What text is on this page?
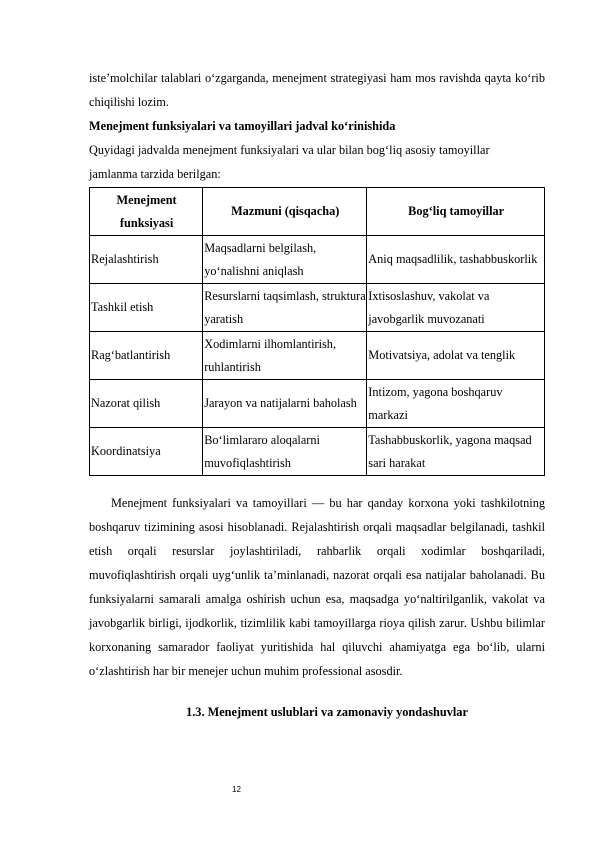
iste’molchilar talablari o‘zgarganda, menejment strategiyasi ham mos ravishda qayta ko‘rib chiqilishi lozim.

Menejment funksiyalari va tamoyillari jadval ko‘rinishida

Quyidagi jadvalda menejment funksiyalari va ular bilan bog‘liq asosiy tamoyillar jamlanma tarzida berilgan:

Menejment funksiyasi	Mazmuni (qisqacha)	Bog‘liq tamoyillar
Rejalashtirish	Maqsadlarni belgilash, yo‘nalishni aniqlash	Aniq maqsadlilik, tashabbuskorlik
Tashkil etish	Resurslarni taqsimlash, struktura yaratish	Ixtisoslashuv, vakolat va javobgarlik muvozanati
Rag‘batlantirish	Xodimlarni ilhomlantirish, ruhlantirish	Motivatsiya, adolat va tenglik
Nazorat qilish	Jarayon va natijalarni baholash	Intizom, yagona boshqaruv markazi
Koordinatsiya	Bo‘limlararo aloqalarni muvofiqlashtirish	Tashabbuskorlik, yagona maqsad sari harakat

Menejment funksiyalari va tamoyillari — bu har qanday korxona yoki tashkilotning boshqaruv tizimining asosi hisoblanadi. Rejalashtirish orqali maqsadlar belgilanadi, tashkil etish orqali resurslar joylashtiriladi, rahbarlik orqali xodimlar boshqariladi, muvofiqlashtirish orqali uyg‘unlik ta’minlanadi, nazorat orqali esa natijalar baholanadi. Bu funksiyalarni samarali amalga oshirish uchun esa, maqsadga yo‘naltirilganlik, vakolat va javobgarlik birligi, ijodkorlik, tizimlilik kabi tamoyillarga rioya qilish zarur. Ushbu bilimlar korxonaning samarador faoliyat yuritishida hal qiluvchi ahamiyatga ega bo‘lib, ularni o‘zlashtirish har bir menejer uchun muhim professional asosdir.

1.3. Menejment uslublari va zamonaviy yondashuvlar

12
